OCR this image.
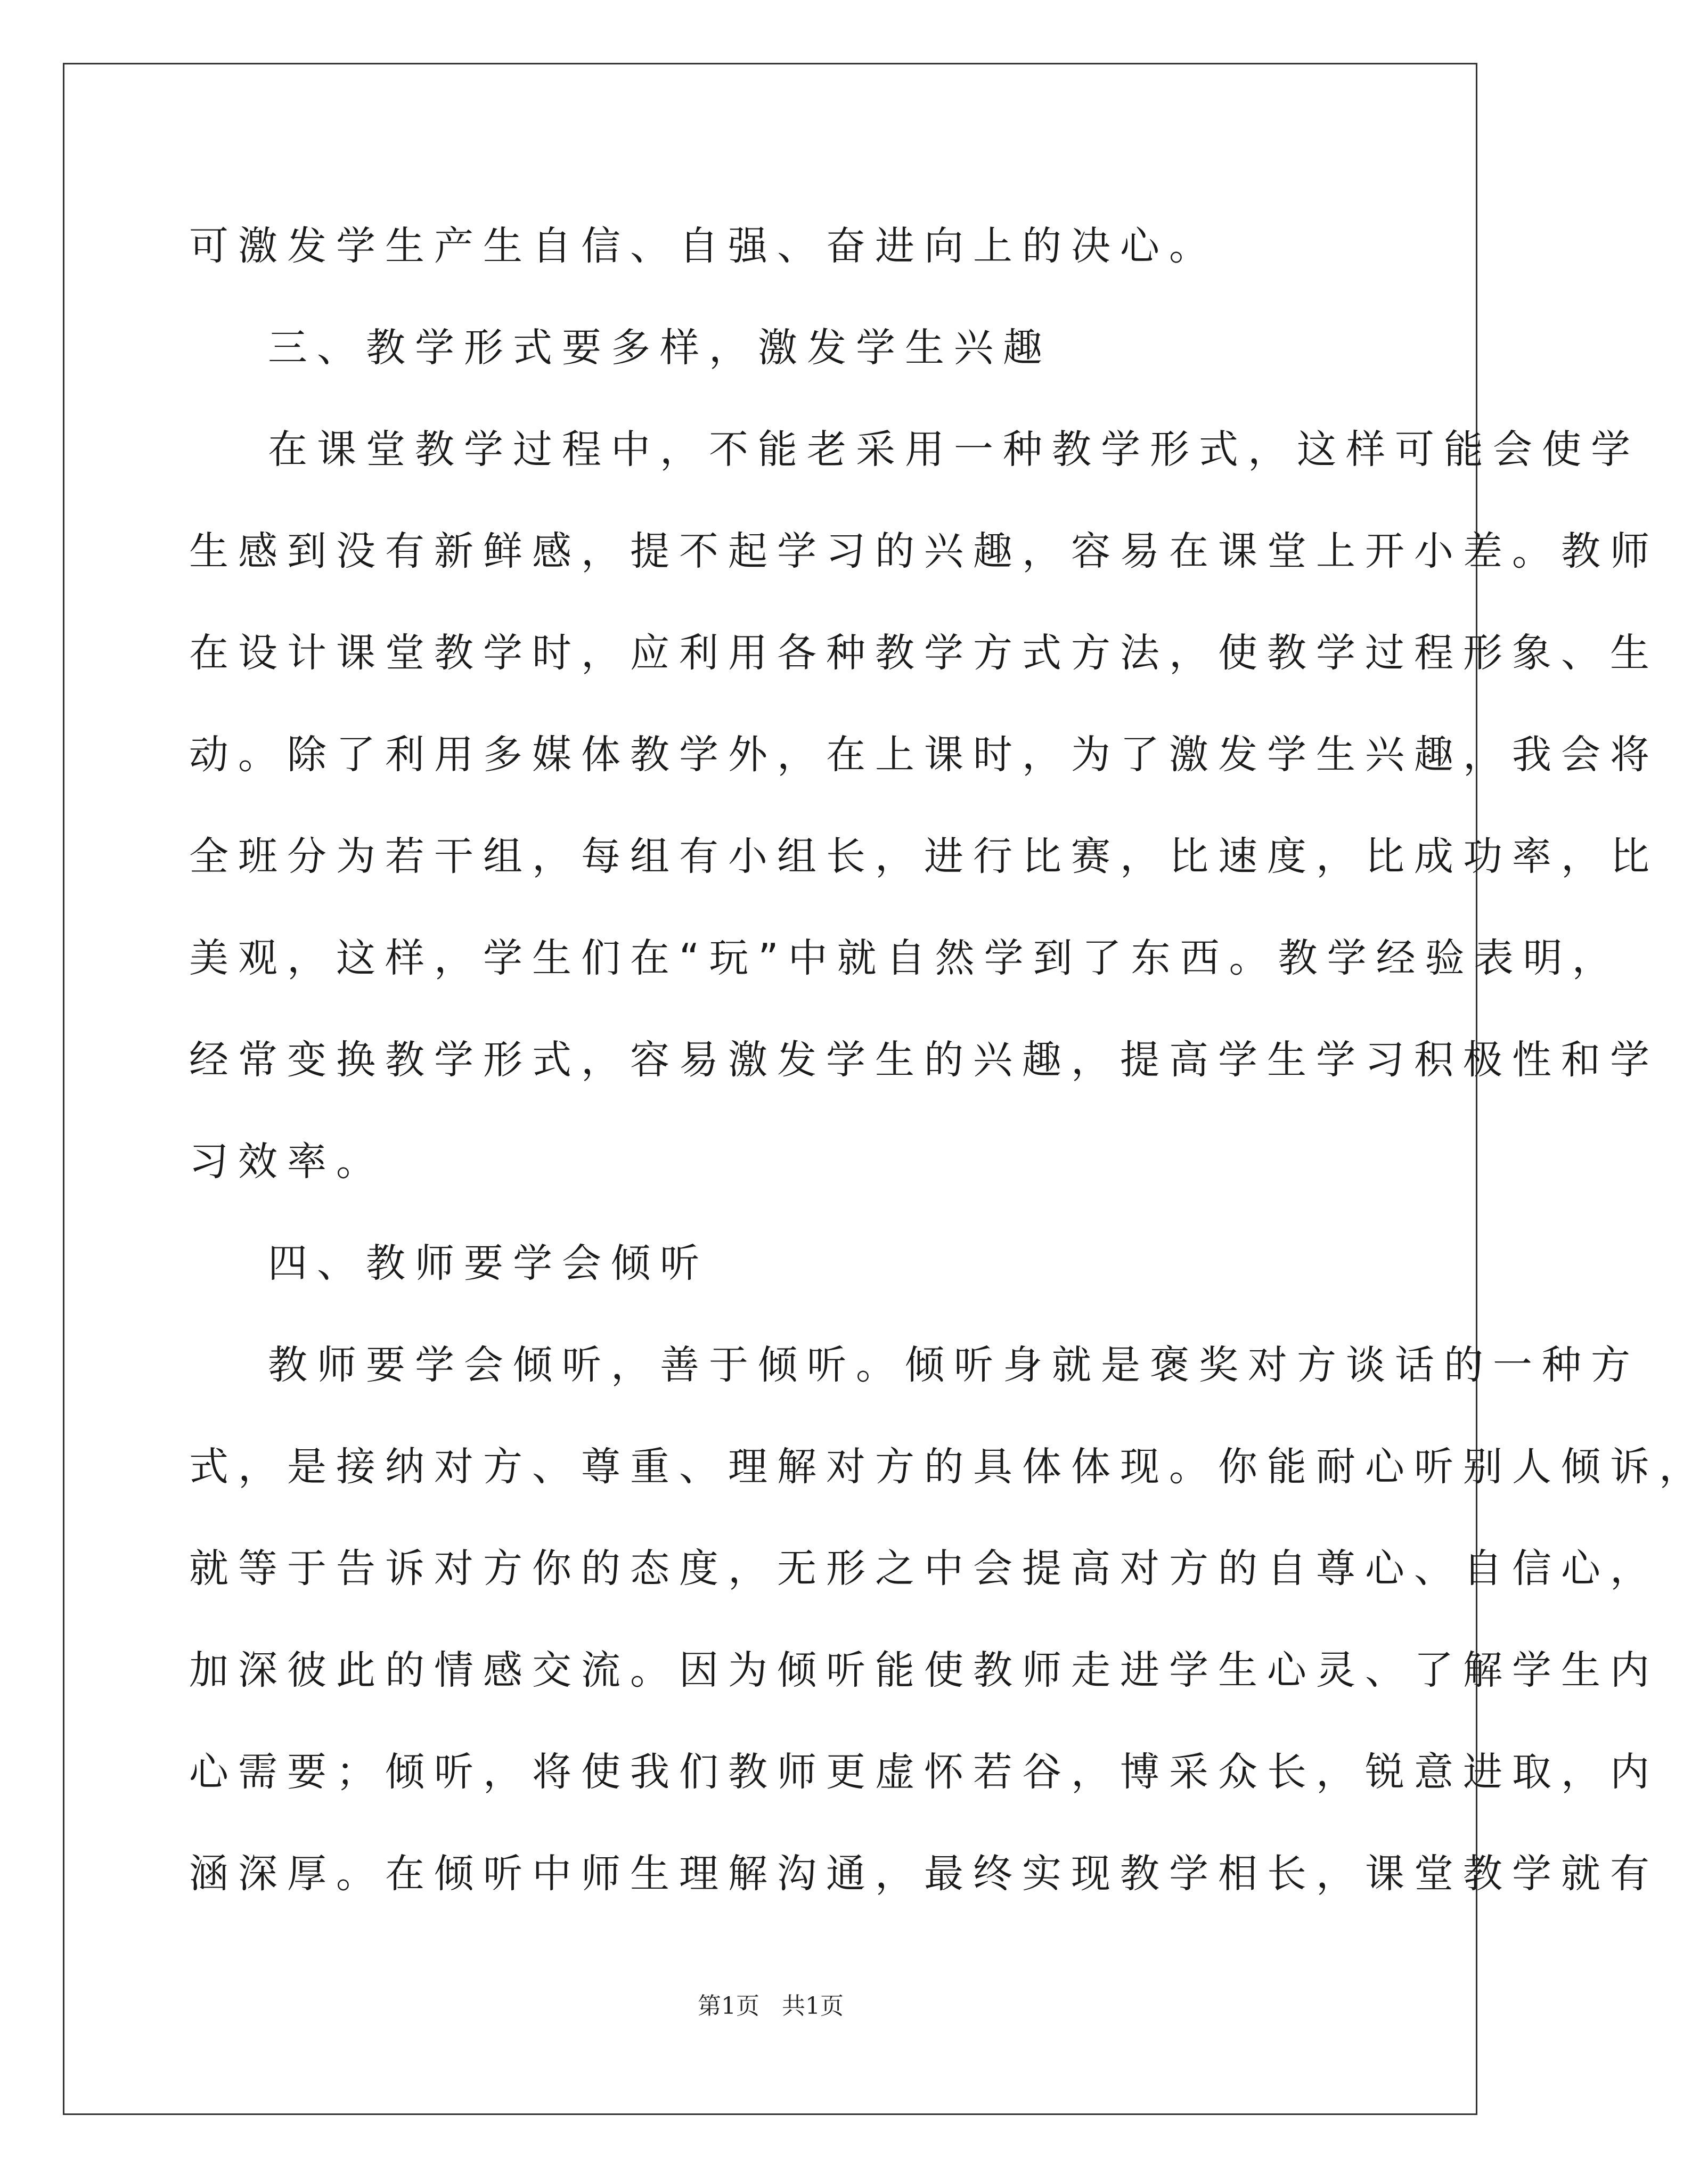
可激发学生产生自信、自强、奋进向上的决心。
三、教学形式要多样，激发学生兴趣
在课堂教学过程中，不能老采用一种教学形式，这样可能会使学
生感到没有新鲜感，提不起学习的兴趣，容易在课堂上开小差。教师
在设计课堂教学时，应利用各种教学方式方法，使教学过程形象、生
动。除了利用多媒体教学外，在上课时，为了激发学生兴趣，我会将
全班分为若干组，每组有小组长，进行比赛，比速度，比成功率，比
美观，这样，学生们在“玩”中就自然学到了东西。教学经验表明，
经常变换教学形式，容易激发学生的兴趣，提高学生学习积极性和学
习效率。
四、教师要学会倾听
教师要学会倾听，善于倾听。倾听身就是褒奖对方谈话的一种方
式，是接纳对方、尊重、理解对方的具体体现。你能耐心听别人倾诉，
就等于告诉对方你的态度，无形之中会提高对方的自尊心、自信心，
加深彼此的情感交流。因为倾听能使教师走进学生心灵、了解学生内
心需要；倾听，将使我们教师更虚怀若谷，博采众长，锐意进取，内
涵深厚。在倾听中师生理解沟通，最终实现教学相长，课堂教学就有
第1页 共1页
